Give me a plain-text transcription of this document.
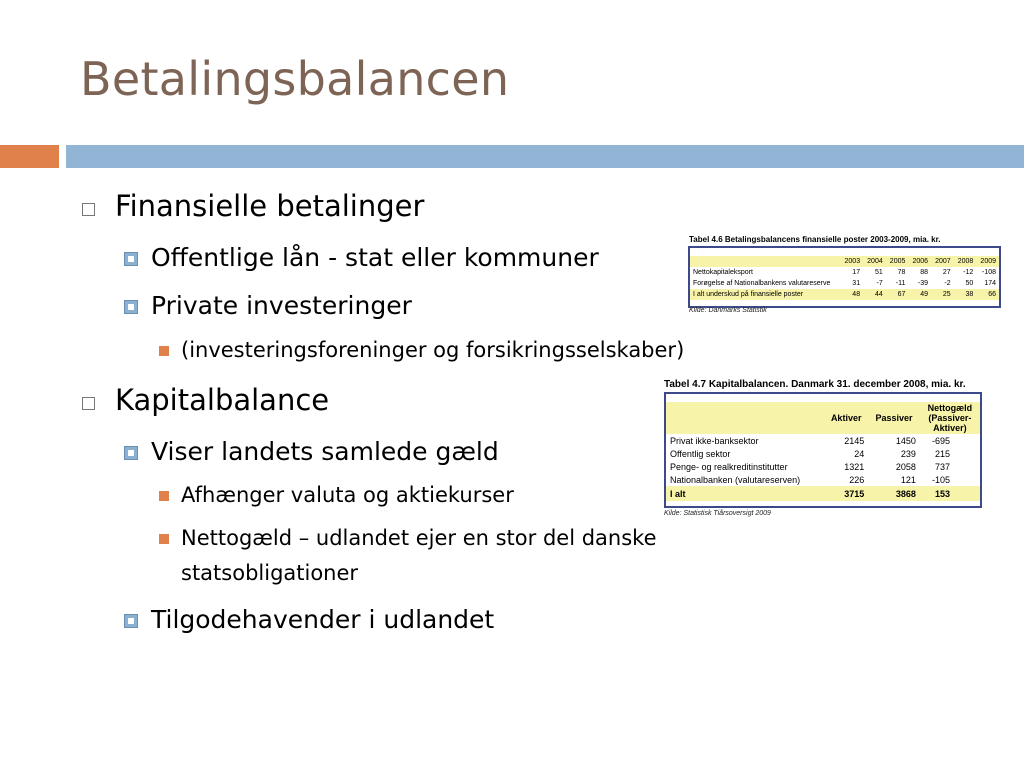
Betalingsbalancen
Finansielle betalinger
Offentlige lån - stat eller kommuner
Private investeringer
(investeringsforeninger og forsikringsselskaber)
Kapitalbalance
Viser landets samlede gæld
Afhænger valuta og aktiekurser
Nettogæld – udlandet ejer en stor del danske
statsobligationer
Tilgodehavender i udlandet
Tabel 4.6 Betalingsbalancens finansielle poster 2003-2009, mia. kr.
	2003	2004	2005	2006	2007	2008	2009
Nettokapitaleksport	17	51	78	88	27	-12	-108
Forøgelse af Nationalbankens valutareserve	31	-7	-11	-39	-2	50	174
I alt underskud på finansielle poster	48	44	67	49	25	38	66
Kilde: Danmarks Statistik
Tabel 4.7 Kapitalbalancen. Danmark 31. december 2008, mia. kr.
	Aktiver	Passiver	Nettogæld
(Passiver-
Aktiver)

Privat ikke-banksektor	2145	1450	-695
Offentlig sektor	24	239	215
Penge- og realkreditinstitutter	1321	2058	737
Nationalbanken (valutareserven)	226	121	-105
I alt	3715	3868	153
Kilde: Statistisk Tiårsoversigt 2009
